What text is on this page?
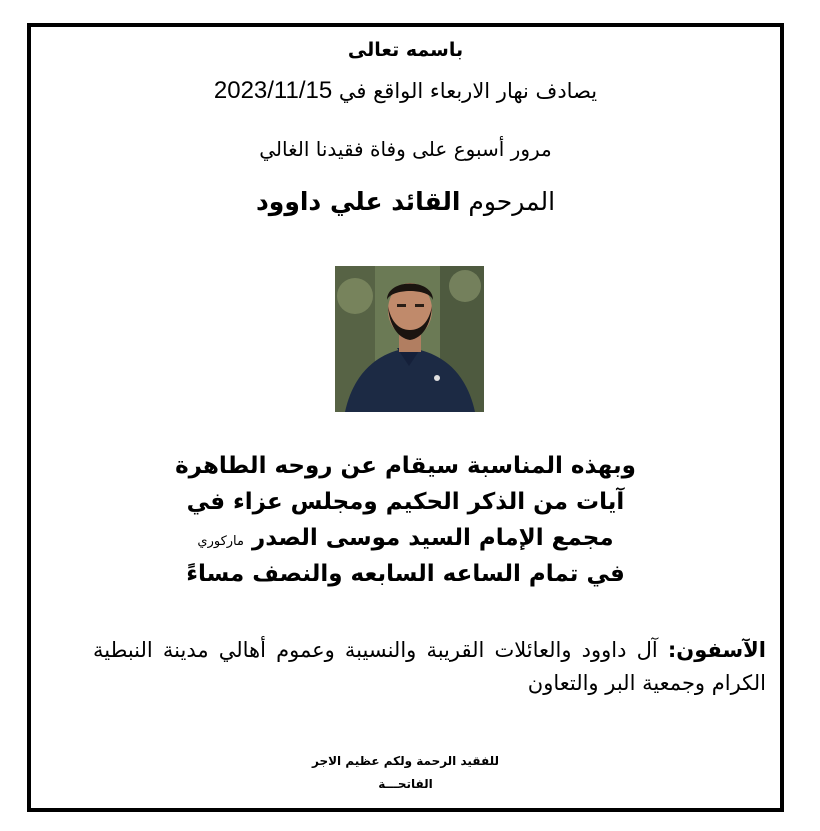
باسمه تعالى
يصادف نهار الاربعاء الواقع في 2023/11/15
مرور أسبوع على وفاة فقيدنا الغالي
المرحوم القائد علي داوود
وبهذه المناسبة سيقام عن روحه الطاهرة
آيات من الذكر الحكيم ومجلس عزاء في
مجمع الإمام السيد موسى الصدر ماركوري
في تمام الساعه السابعه والنصف مساءً
الآسفون: آل داوود والعائلات القريبة والنسيبة وعموم أهالي مدينة النبطية الكرام وجمعية البر والتعاون
للفقيد الرحمة ولكم عظيم الاجر
الفاتحـــة
